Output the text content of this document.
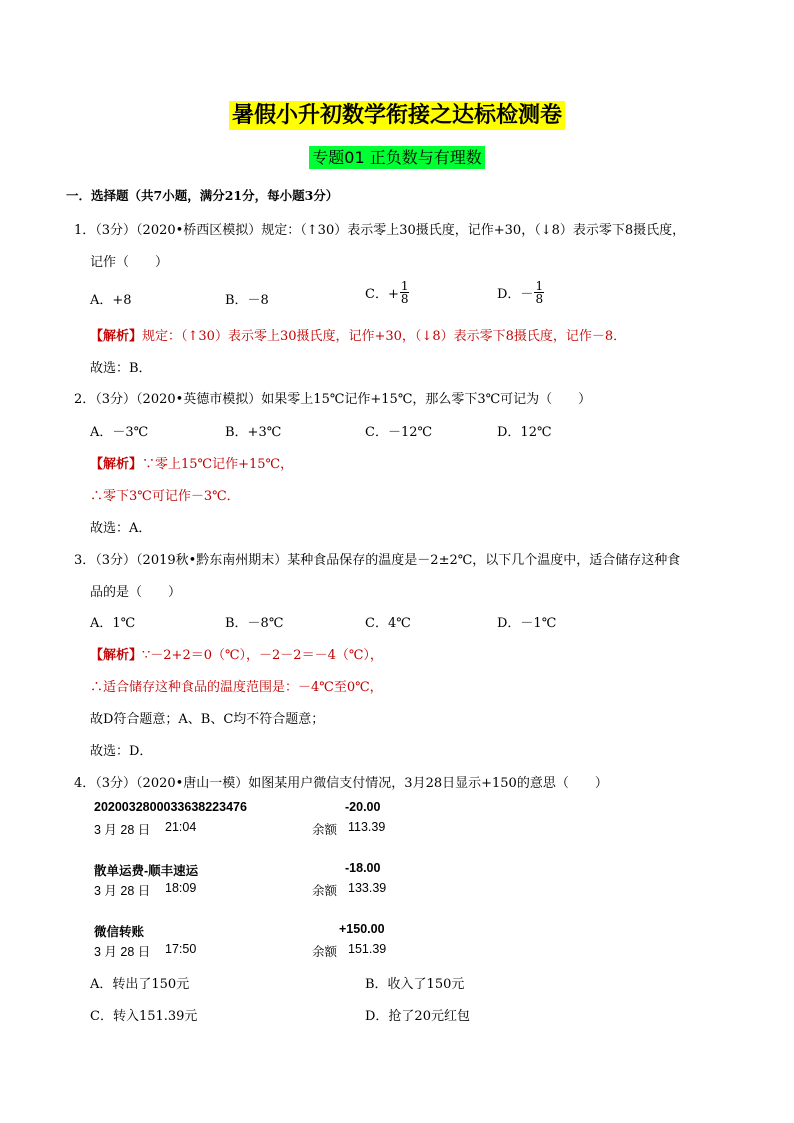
暑假小升初数学衔接之达标检测卷
专题01 正负数与有理数
一．选择题（共7小题，满分21分，每小题3分）
1．（3分）（2020•桥西区模拟）规定：（↑30）表示零上30摄氏度，记作+30，（↓8）表示零下8摄氏度，
记作（　　）
A．+8	B．－8	C．+ $\frac{1}{8}$	D．－ $\frac{1}{8}$
【解析】规定：（↑30）表示零上30摄氏度，记作+30，（↓8）表示零下8摄氏度，记作－8．
故选：B．
2．（3分）（2020•英德市模拟）如果零上15℃记作+15℃，那么零下3℃可记为（　　）
A．－3℃	B．+3℃	C．－12℃	D．12℃
【解析】∵零上15℃记作+15℃，
∴零下3℃可记作－3℃．
故选：A．
3．（3分）（2019秋•黔东南州期末）某种食品保存的温度是－2±2℃，以下几个温度中，适合储存这种食
品的是（　　）
A．1℃	B．－8℃	C．4℃	D．－1℃
【解析】∵－2+2＝0（℃），－2－2＝－4（℃），
∴适合储存这种食品的温度范围是：－4℃至0℃，
故D符合题意；A、B、C均不符合题意；
故选：D．
4．（3分）（2020•唐山一模）如图某用户微信支付情况，3月28日显示+150的意思（　　）
20200328000336382234​76	-20.00
3 月 28 日 21:04	余额 113.39
散单运费-顺丰速运	-18.00
3 月 28 日 18:09	余额 133.39
微信转账	+150.00
3 月 28 日 17:50	余额 151.39
A．转出了150元	B．收入了150元
C．转入151.39元	D．抢了20元红包
